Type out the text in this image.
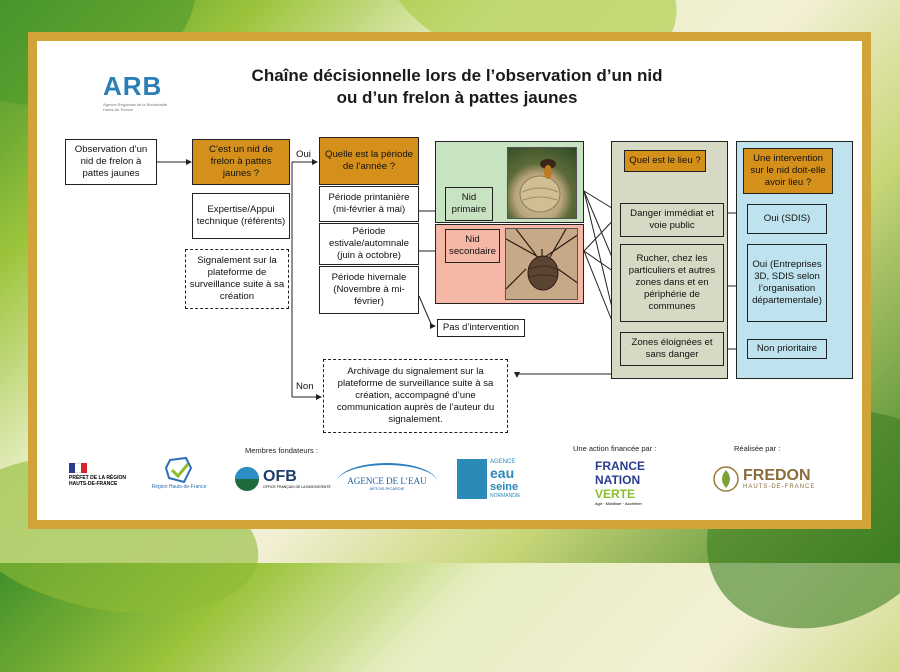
ARB
Agence Régionale de la Biodiversité Hauts-de-France
Chaîne décisionnelle lors de l’observation d’un nid
ou d’un frelon à pattes jaunes
Oui
Non
Observation d’un nid de frelon à pattes jaunes
C’est un nid de frelon à pattes jaunes ?
Expertise/Appui technique (référents)
Signalement sur la plateforme de surveillance suite à sa création
Quelle est la période de l’année ?
Période printanière (mi-février à mai)
Période estivale/automnale (juin à octobre)
Période hivernale (Novembre à mi-février)
Nid primaire
Nid secondaire
Pas d’intervention
Quel est le lieu ?
Danger immédiat et voie public
Rucher, chez les particuliers et autres zones dans et en périphérie de communes
Zones éloignées et sans danger
Une intervention sur le nid doit-elle avoir lieu ?
Oui (SDIS)
Oui (Entreprises 3D, SDIS selon l’organisation départementale)
Non prioritaire
Archivage du signalement sur la plateforme de surveillance suite à sa création, accompagné d’une communication auprès de l’auteur du signalement.
Membres fondateurs :	Une action financée par :	Réalisée par :
PRÉFET DE LA RÉGION HAUTS-DE-FRANCE	Région Hauts-de-France
OFB
OFFICE FRANÇAIS DE LA BIODIVERSITÉ
AGENCE DE L’EAU
ARTOIS-PICARDIE
AGENCE
eau
seine
NORMANDIE
FRANCE
NATION
VERTE
Agir · Mobiliser · Accélérer
FREDON
HAUTS-DE-FRANCE
